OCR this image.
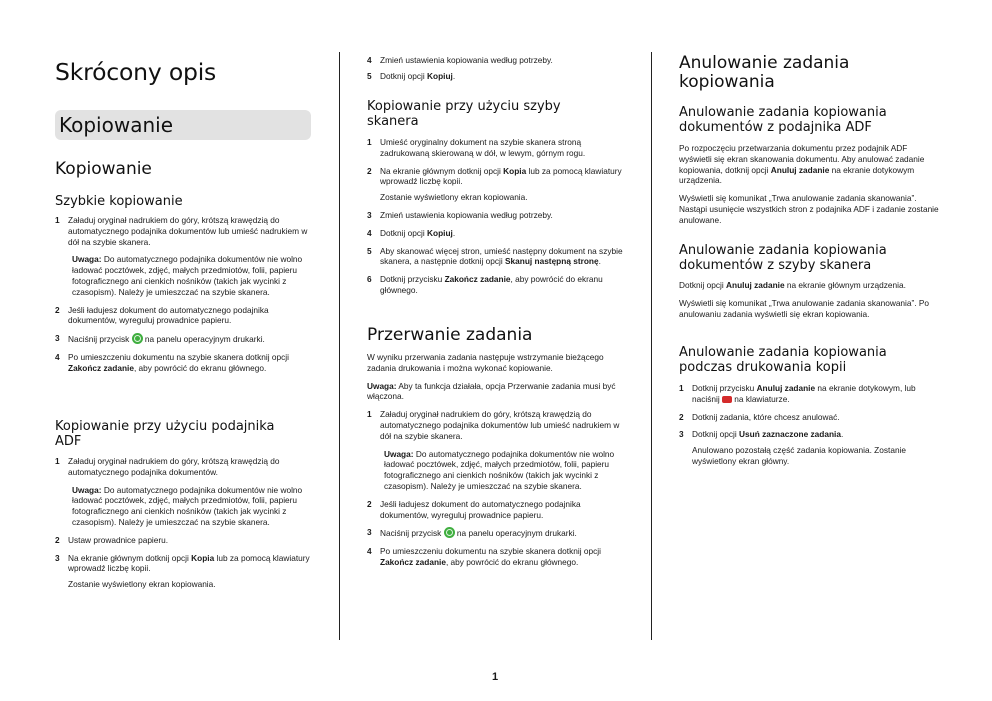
Skrócony opis
Kopiowanie
Kopiowanie
Szybkie kopiowanie
1 Załaduj oryginał nadrukiem do góry, krótszą krawędzią do automatycznego podajnika dokumentów lub umieść nadrukiem w dół na szybie skanera.

Uwaga: Do automatycznego podajnika dokumentów nie wolno ładować pocztówek, zdjęć, małych przedmiotów, folii, papieru fotograficznego ani cienkich nośników (takich jak wycinki z czasopism). Należy je umieszczać na szybie skanera.

2 Jeśli ładujesz dokument do automatycznego podajnika dokumentów, wyreguluj prowadnice papieru.
3 Naciśnij przycisk  na panelu operacyjnym drukarki.
4 Po umieszczeniu dokumentu na szybie skanera dotknij opcji Zakończ zadanie, aby powrócić do ekranu głównego.
Kopiowanie przy użyciu podajnika ADF
1 Załaduj oryginał nadrukiem do góry, krótszą krawędzią do automatycznego podajnika dokumentów.

Uwaga: Do automatycznego podajnika dokumentów nie wolno ładować pocztówek, zdjęć, małych przedmiotów, folii, papieru fotograficznego ani cienkich nośników (takich jak wycinki z czasopism). Należy je umieszczać na szybie skanera.

2 Ustaw prowadnice papieru.
3 Na ekranie głównym dotknij opcji Kopia lub za pomocą klawiatury wprowadź liczbę kopii.

Zostanie wyświetlony ekran kopiowania.

4 Zmień ustawienia kopiowania według potrzeby.
5 Dotknij opcji Kopiuj.
Kopiowanie przy użyciu szyby skanera
1 Umieść oryginalny dokument na szybie skanera stroną zadrukowaną skierowaną w dół, w lewym, górnym rogu.
2 Na ekranie głównym dotknij opcji Kopia lub za pomocą klawiatury wprowadź liczbę kopii.

Zostanie wyświetlony ekran kopiowania.

3 Zmień ustawienia kopiowania według potrzeby.
4 Dotknij opcji Kopiuj.
5 Aby skanować więcej stron, umieść następny dokument na szybie skanera, a następnie dotknij opcji Skanuj następną stronę.
6 Dotknij przycisku Zakończ zadanie, aby powrócić do ekranu głównego.
Przerwanie zadania

W wyniku przerwania zadania następuje wstrzymanie bieżącego zadania drukowania i można wykonać kopiowanie.

Uwaga: Aby ta funkcja działała, opcja Przerwanie zadania musi być włączona.

1 Załaduj oryginał nadrukiem do góry, krótszą krawędzią do automatycznego podajnika dokumentów lub umieść nadrukiem w dół na szybie skanera.

Uwaga: Do automatycznego podajnika dokumentów nie wolno ładować pocztówek, zdjęć, małych przedmiotów, folii, papieru fotograficznego ani cienkich nośników (takich jak wycinki z czasopism). Należy je umieszczać na szybie skanera.

2 Jeśli ładujesz dokument do automatycznego podajnika dokumentów, wyreguluj prowadnice papieru.
3 Naciśnij przycisk  na panelu operacyjnym drukarki.
4 Po umieszczeniu dokumentu na szybie skanera dotknij opcji Zakończ zadanie, aby powrócić do ekranu głównego.
Anulowanie zadania kopiowania
Anulowanie zadania kopiowania dokumentów z podajnika ADF

Po rozpoczęciu przetwarzania dokumentu przez podajnik ADF wyświetli się ekran skanowania dokumentu. Aby anulować zadanie kopiowania, dotknij opcji Anuluj zadanie na ekranie dotykowym urządzenia.

Wyświetli się komunikat „Trwa anulowanie zadania skanowania”. Nastąpi usunięcie wszystkich stron z podajnika ADF i zadanie zostanie anulowane.

Anulowanie zadania kopiowania dokumentów z szyby skanera

Dotknij opcji Anuluj zadanie na ekranie głównym urządzenia.

Wyświetli się komunikat „Trwa anulowanie zadania skanowania”. Po anulowaniu zadania wyświetli się ekran kopiowania.

Anulowanie zadania kopiowania podczas drukowania kopii
1 Dotknij przycisku Anuluj zadanie na ekranie dotykowym, lub naciśnij  na klawiaturze.
2 Dotknij zadania, które chcesz anulować.
3 Dotknij opcji Usuń zaznaczone zadania.

Anulowano pozostałą część zadania kopiowania. Zostanie wyświetlony ekran główny.

1
